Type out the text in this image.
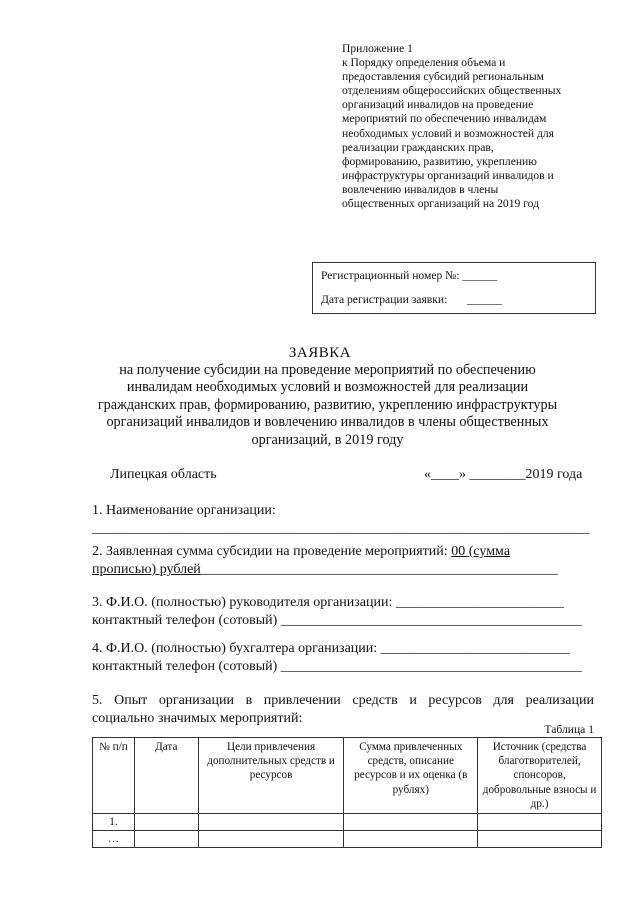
Приложение 1
к Порядку определения объема и
предоставления субсидий региональным
отделениям общероссийских общественных
организаций инвалидов на проведение
мероприятий по обеспечению инвалидам
необходимых условий и возможностей для
реализации гражданских прав,
формированию, развитию, укреплению
инфраструктуры организаций инвалидов и
вовлечению инвалидов в члены
общественных организаций на 2019 год
Регистрационный номер №: ______
Дата регистрации заявки: ______
ЗАЯВКА
на получение субсидии на проведение мероприятий по обеспечению
инвалидам необходимых условий и возможностей для реализации
гражданских прав, формированию, развитию, укреплению инфраструктуры
организаций инвалидов и вовлечению инвалидов в члены общественных
организаций, в 2019 году
Липецкая область	«____» ________2019 года
1. Наименование организации:
_______________________________________________________________________
2. Заявленная сумма субсидии на проведение мероприятий: 00 (сумма
прописью) рублей___________________________________________________
3. Ф.И.О. (полностью) руководителя организации: ________________________
контактный телефон (сотовый) ___________________________________________
4. Ф.И.О. (полностью) бухгалтера организации: ___________________________
контактный телефон (сотовый) ___________________________________________
5. Опыт организации в привлечении средств и ресурсов для реализации
социально значимых мероприятий:
Таблица 1
№ п/п	Дата	Цели привлечения дополнительных средств и ресурсов	Сумма привлеченных средств, описание ресурсов и их оценка (в рублях)	Источник (средства благотворителей, спонсоров, добровольные взносы и др.)
1.				
…				
